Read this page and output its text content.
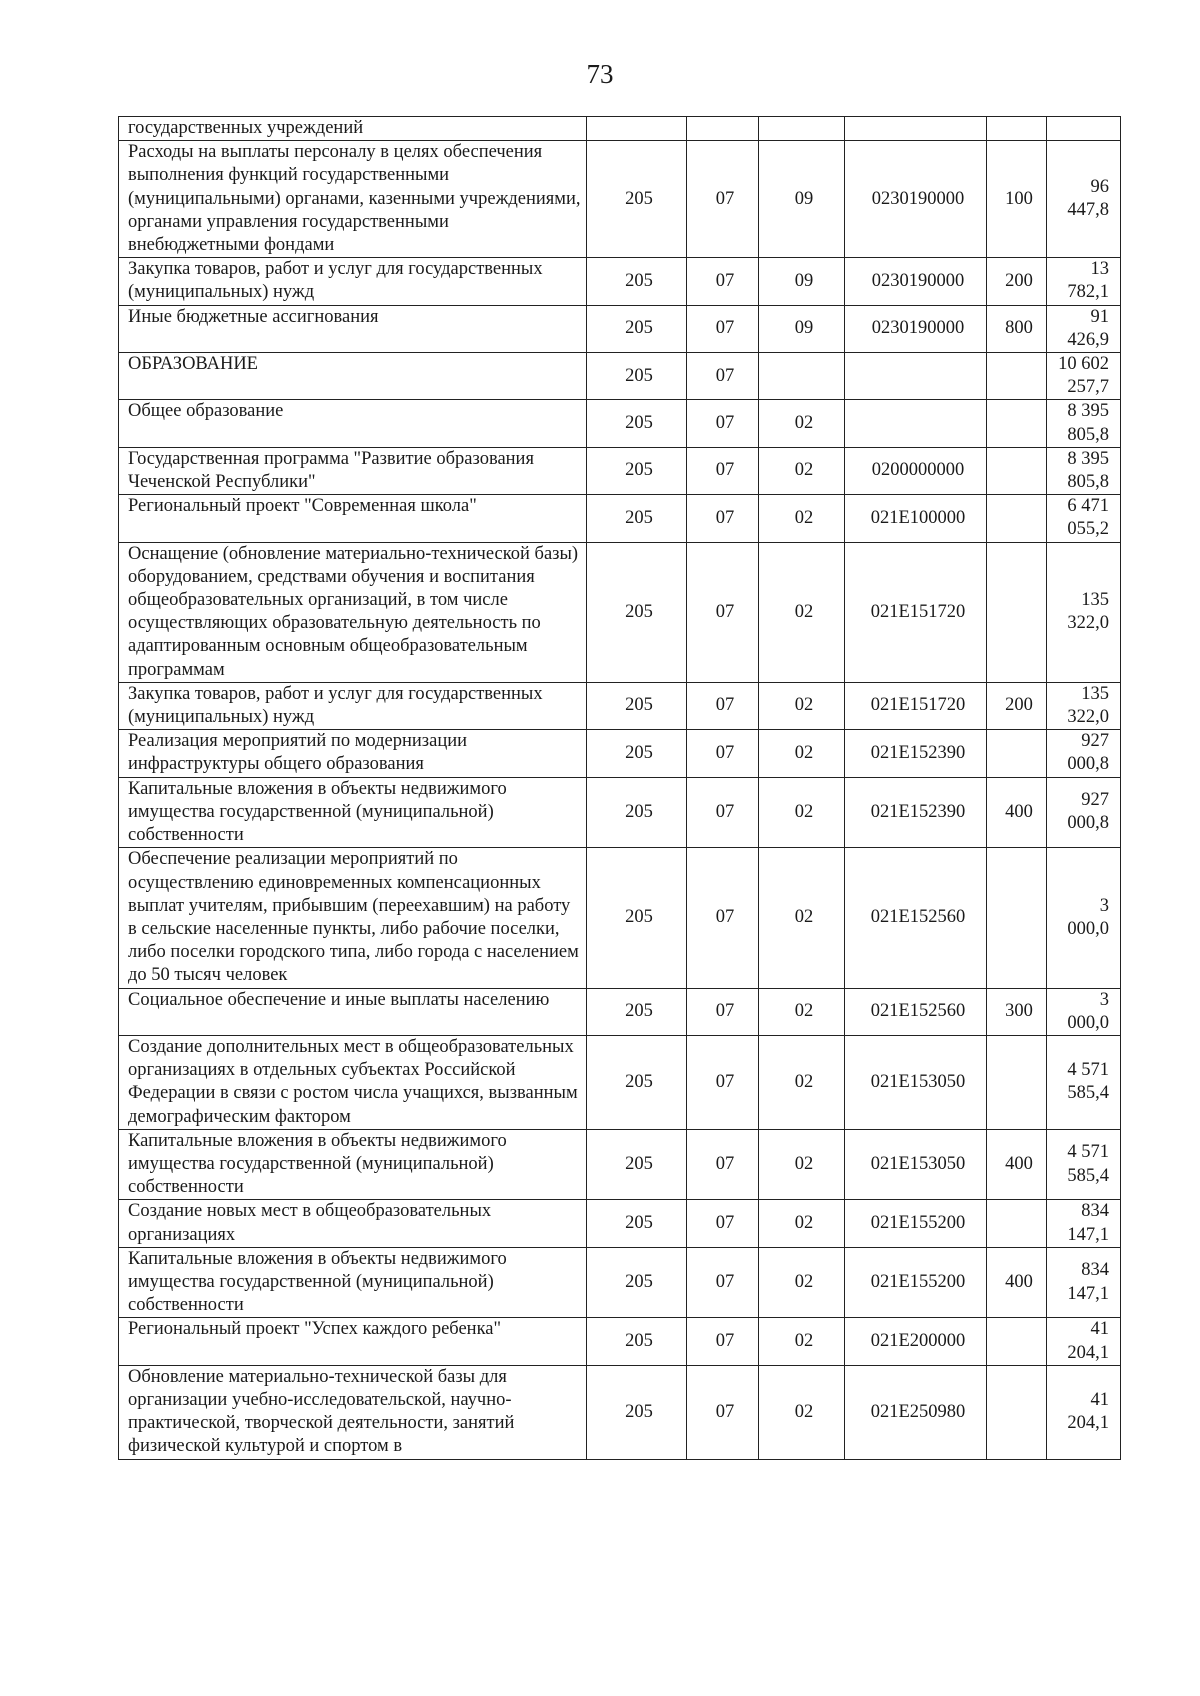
73
государственных учреждений						
Расходы на выплаты персоналу в целях обеспечения выполнения функций государственными (муниципальными) органами, казенными учреждениями, органами управления государственными внебюджетными фондами	205	07	09	0230190000	100	96 447,8
Закупка товаров, работ и услуг для государственных (муниципальных) нужд	205	07	09	0230190000	200	13 782,1
Иные бюджетные ассигнования	205	07	09	0230190000	800	91 426,9
ОБРАЗОВАНИЕ	205	07				10 602 257,7
Общее образование	205	07	02			8 395 805,8
Государственная программа "Развитие образования Чеченской Республики"	205	07	02	0200000000		8 395 805,8
Региональный проект "Современная школа"	205	07	02	021E100000		6 471 055,2
Оснащение (обновление материально-технической базы) оборудованием, средствами обучения и воспитания общеобразовательных организаций, в том числе осуществляющих образовательную деятельность по адаптированным основным общеобразовательным программам	205	07	02	021E151720		135 322,0
Закупка товаров, работ и услуг для государственных (муниципальных) нужд	205	07	02	021E151720	200	135 322,0
Реализация мероприятий по модернизации инфраструктуры общего образования	205	07	02	021E152390		927 000,8
Капитальные вложения в объекты недвижимого имущества государственной (муниципальной) собственности	205	07	02	021E152390	400	927 000,8
Обеспечение реализации мероприятий по осуществлению единовременных компенсационных выплат учителям, прибывшим (переехавшим) на работу в сельские населенные пункты, либо рабочие поселки, либо поселки городского типа, либо города с населением до 50 тысяч человек	205	07	02	021E152560		3 000,0
Социальное обеспечение и иные выплаты населению	205	07	02	021E152560	300	3 000,0
Создание дополнительных мест в общеобразовательных организациях в отдельных субъектах Российской Федерации в связи с ростом числа учащихся, вызванным демографическим фактором	205	07	02	021E153050		4 571 585,4
Капитальные вложения в объекты недвижимого имущества государственной (муниципальной) собственности	205	07	02	021E153050	400	4 571 585,4
Создание новых мест в общеобразовательных организациях	205	07	02	021E155200		834 147,1
Капитальные вложения в объекты недвижимого имущества государственной (муниципальной) собственности	205	07	02	021E155200	400	834 147,1
Региональный проект "Успех каждого ребенка"	205	07	02	021E200000		41 204,1
Обновление материально-технической базы для организации учебно-исследовательской, научно-практической, творческой деятельности, занятий физической культурой и спортом в	205	07	02	021E250980		41 204,1
